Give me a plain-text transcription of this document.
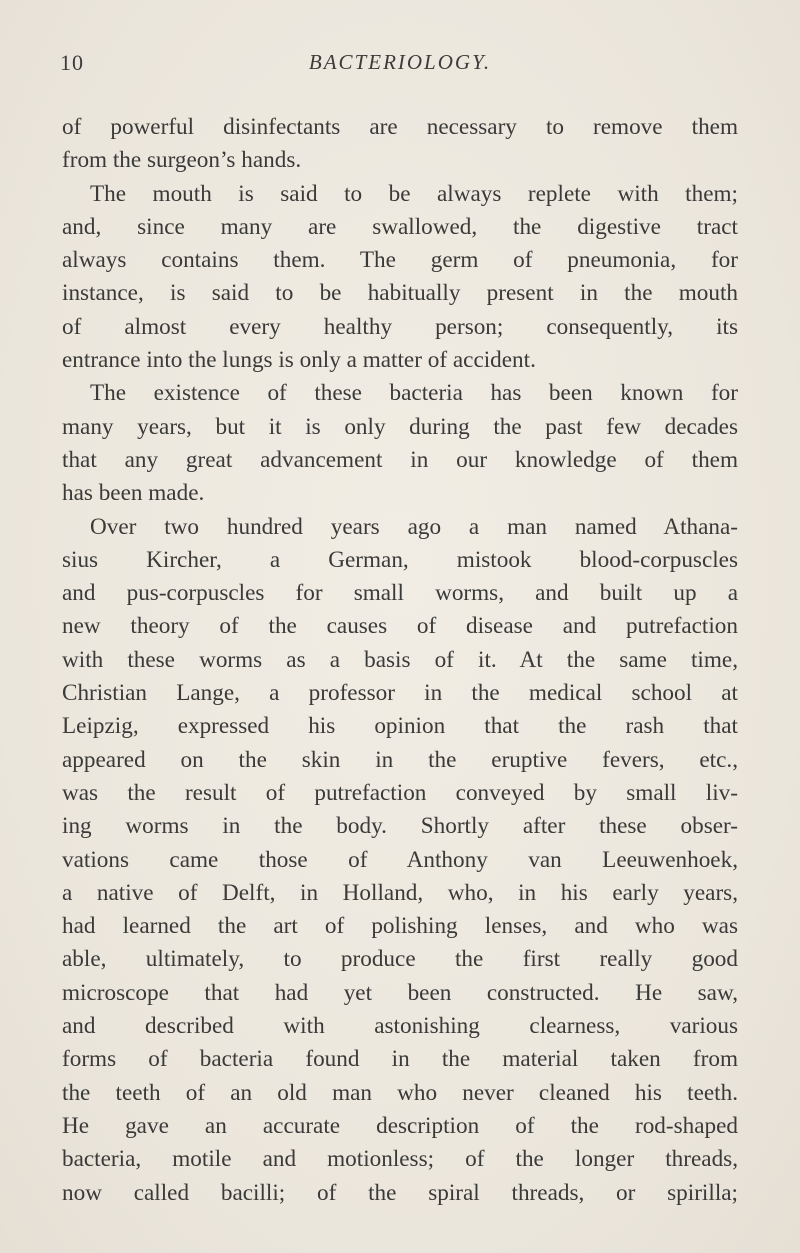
10	BACTERIOLOGY.
of powerful disinfectants are necessary to remove them
from the surgeon’s hands.
The mouth is said to be always replete with them;
and, since many are swallowed, the digestive tract
always contains them. The germ of pneumonia, for
instance, is said to be habitually present in the mouth
of almost every healthy person; consequently, its
entrance into the lungs is only a matter of accident.
The existence of these bacteria has been known for
many years, but it is only during the past few decades
that any great advancement in our knowledge of them
has been made.
Over two hundred years ago a man named Athana-
sius Kircher, a German, mistook blood-corpuscles
and pus-corpuscles for small worms, and built up a
new theory of the causes of disease and putrefaction
with these worms as a basis of it. At the same time,
Christian Lange, a professor in the medical school at
Leipzig, expressed his opinion that the rash that
appeared on the skin in the eruptive fevers, etc.,
was the result of putrefaction conveyed by small liv-
ing worms in the body. Shortly after these obser-
vations came those of Anthony van Leeuwenhoek,
a native of Delft, in Holland, who, in his early years,
had learned the art of polishing lenses, and who was
able, ultimately, to produce the first really good
microscope that had yet been constructed. He saw,
and described with astonishing clearness, various
forms of bacteria found in the material taken from
the teeth of an old man who never cleaned his teeth.
He gave an accurate description of the rod-shaped
bacteria, motile and motionless; of the longer threads,
now called bacilli; of the spiral threads, or spirilla;
